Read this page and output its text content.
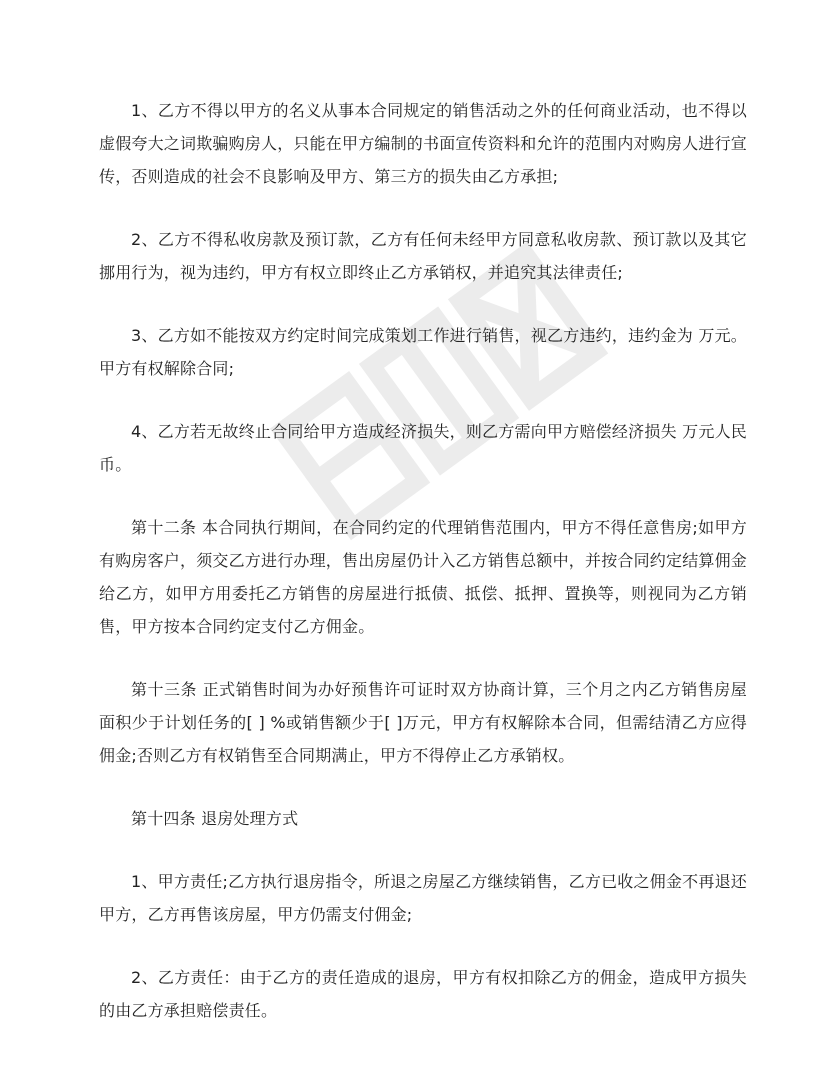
1、乙方不得以甲方的名义从事本合同规定的销售活动之外的任何商业活动，也不得以虚假夸大之词欺骗购房人，只能在甲方编制的书面宣传资料和允许的范围内对购房人进行宣传，否则造成的社会不良影响及甲方、第三方的损失由乙方承担;

2、乙方不得私收房款及预订款，乙方有任何未经甲方同意私收房款、预订款以及其它挪用行为，视为违约，甲方有权立即终止乙方承销权，并追究其法律责任;

3、乙方如不能按双方约定时间完成策划工作进行销售，视乙方违约，违约金为 万元。甲方有权解除合同;

4、乙方若无故终止合同给甲方造成经济损失，则乙方需向甲方赔偿经济损失 万元人民币。

第十二条 本合同执行期间，在合同约定的代理销售范围内，甲方不得任意售房;如甲方有购房客户，须交乙方进行办理，售出房屋仍计入乙方销售总额中，并按合同约定结算佣金给乙方，如甲方用委托乙方销售的房屋进行抵债、抵偿、抵押、置换等，则视同为乙方销售，甲方按本合同约定支付乙方佣金。

第十三条 正式销售时间为办好预售许可证时双方协商计算，三个月之内乙方销售房屋面积少于计划任务的[ ] %或销售额少于[ ]万元，甲方有权解除本合同，但需结清乙方应得佣金;否则乙方有权销售至合同期满止，甲方不得停止乙方承销权。

第十四条 退房处理方式

1、甲方责任;乙方执行退房指令，所退之房屋乙方继续销售，乙方已收之佣金不再退还甲方，乙方再售该房屋，甲方仍需支付佣金;

2、乙方责任：由于乙方的责任造成的退房，甲方有权扣除乙方的佣金，造成甲方损失的由乙方承担赔偿责任。
